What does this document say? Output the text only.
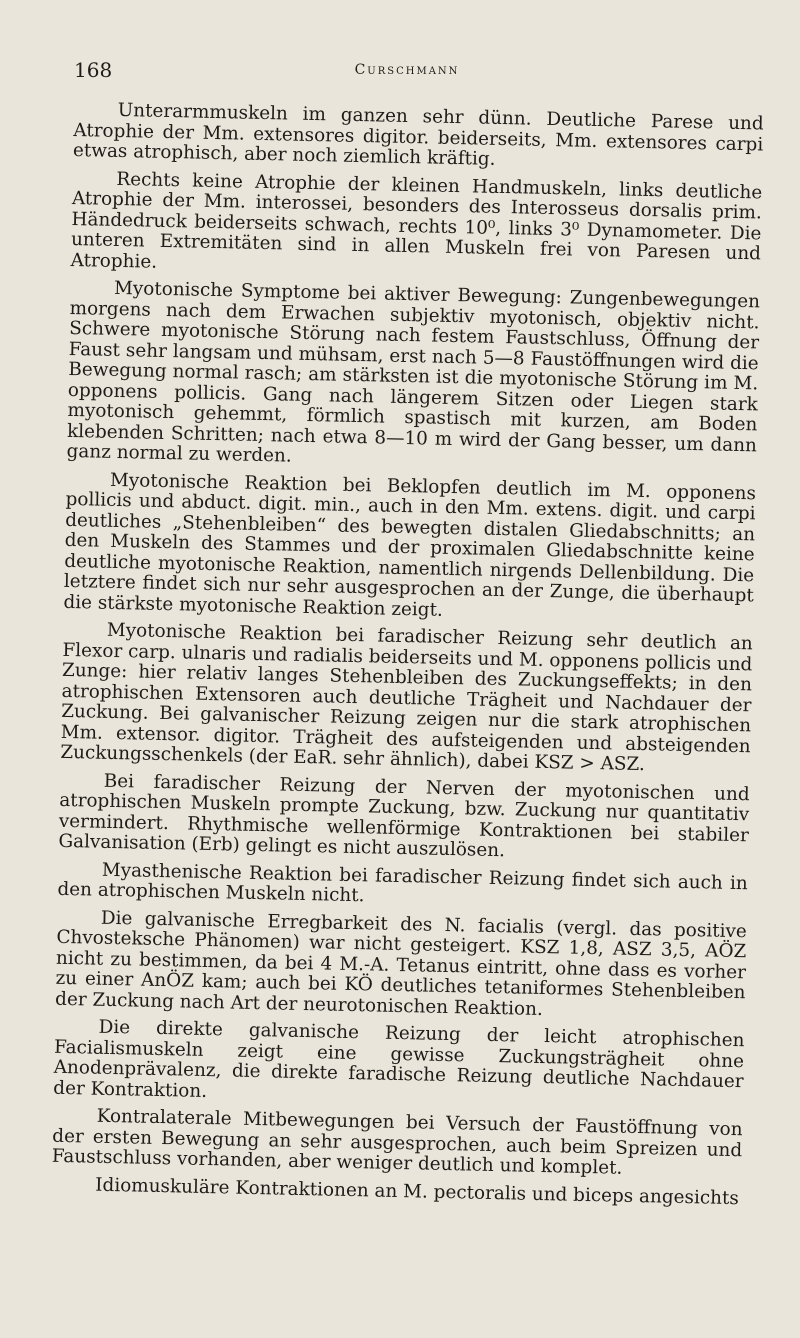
168	Curschmann

Unterarmmuskeln im ganzen sehr dünn. Deutliche Parese und Atrophie der Mm. extensores digitor. beiderseits, Mm. extensores carpi etwas atrophisch, aber noch ziemlich kräftig.

Rechts keine Atrophie der kleinen Handmuskeln, links deutliche Atrophie der Mm. interossei, besonders des Interosseus dorsalis prim. Händedruck beiderseits schwach, rechts 10⁰, links 3⁰ Dynamometer. Die unteren Extremitäten sind in allen Muskeln frei von Paresen und Atrophie.

Myotonische Symptome bei aktiver Bewegung: Zungenbewegungen morgens nach dem Erwachen subjektiv myotonisch, objektiv nicht. Schwere myotonische Störung nach festem Faustschluss, Öffnung der Faust sehr langsam und mühsam, erst nach 5—8 Faustöffnungen wird die Bewegung normal rasch; am stärksten ist die myotonische Störung im M. opponens pollicis. Gang nach längerem Sitzen oder Liegen stark myotonisch gehemmt, förmlich spastisch mit kurzen, am Boden klebenden Schritten; nach etwa 8—10 m wird der Gang besser, um dann ganz normal zu werden.

Myotonische Reaktion bei Beklopfen deutlich im M. opponens pollicis und abduct. digit. min., auch in den Mm. extens. digit. und carpi deutliches „Stehenbleiben“ des bewegten distalen Gliedabschnitts; an den Muskeln des Stammes und der proximalen Gliedabschnitte keine deutliche myotonische Reaktion, namentlich nirgends Dellenbildung. Die letztere findet sich nur sehr ausgesprochen an der Zunge, die überhaupt die stärkste myotonische Reaktion zeigt.

Myotonische Reaktion bei faradischer Reizung sehr deutlich an Flexor carp. ulnaris und radialis beiderseits und M. opponens pollicis und Zunge: hier relativ langes Stehenbleiben des Zuckungseffekts; in den atrophischen Extensoren auch deutliche Trägheit und Nachdauer der Zuckung. Bei galvanischer Reizung zeigen nur die stark atrophischen Mm. extensor. digitor. Trägheit des aufsteigenden und absteigenden Zuckungsschenkels (der EaR. sehr ähnlich), dabei KSZ > ASZ.

Bei faradischer Reizung der Nerven der myotonischen und atrophischen Muskeln prompte Zuckung, bzw. Zuckung nur quantitativ vermindert. Rhythmische wellenförmige Kontraktionen bei stabiler Galvanisation (Erb) gelingt es nicht auszulösen.

Myasthenische Reaktion bei faradischer Reizung findet sich auch in den atrophischen Muskeln nicht.

Die galvanische Erregbarkeit des N. facialis (vergl. das positive Chvosteksche Phänomen) war nicht gesteigert. KSZ 1,8, ASZ 3,5, AÖZ nicht zu bestimmen, da bei 4 M.-A. Tetanus eintritt, ohne dass es vorher zu einer AnÖZ kam; auch bei KÖ deutliches tetaniformes Stehenbleiben der Zuckung nach Art der neurotonischen Reaktion.

Die direkte galvanische Reizung der leicht atrophischen Facialismuskeln zeigt eine gewisse Zuckungsträgheit ohne Anodenprävalenz, die direkte faradische Reizung deutliche Nachdauer der Kontraktion.

Kontralaterale Mitbewegungen bei Versuch der Faustöffnung von der ersten Bewegung an sehr ausgesprochen, auch beim Spreizen und Faustschluss vorhanden, aber weniger deutlich und komplet.

Idiomuskuläre Kontraktionen an M. pectoralis und biceps angesichts
